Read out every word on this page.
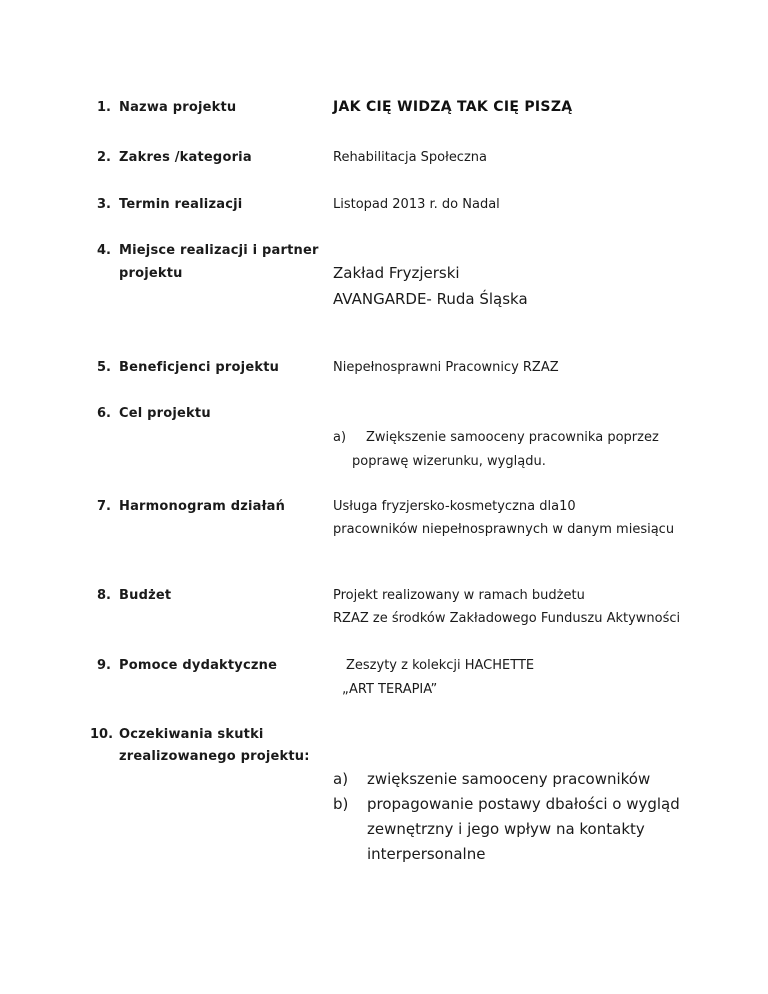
1. Nazwa projektu	JAK CIĘ WIDZĄ TAK CIĘ PISZĄ
2. Zakres /kategoria	Rehabilitacja Społeczna
3. Termin realizacji	Listopad 2013 r. do Nadal
4. Miejsce realizacji i partner
projektu	Zakład Fryzjerski
AVANGARDE- Ruda Śląska
5. Beneficjenci projektu	Niepełnosprawni Pracownicy RZAZ
6. Cel projektu
a) Zwiększenie samooceny pracownika poprzez
poprawę wizerunku, wyglądu.
7. Harmonogram działań	Usługa fryzjersko-kosmetyczna dla10
pracowników niepełnosprawnych w danym miesiącu
8. Budżet	Projekt realizowany w ramach budżetu
RZAZ ze środków Zakładowego Funduszu Aktywności
9. Pomoce dydaktyczne	Zeszyty z kolekcji HACHETTE
„ART TERAPIA”
10. Oczekiwania skutki
zrealizowanego projektu:
a) zwiększenie samooceny pracowników
b) propagowanie postawy dbałości o wygląd
zewnętrzny i jego wpływ na kontakty
interpersonalne
